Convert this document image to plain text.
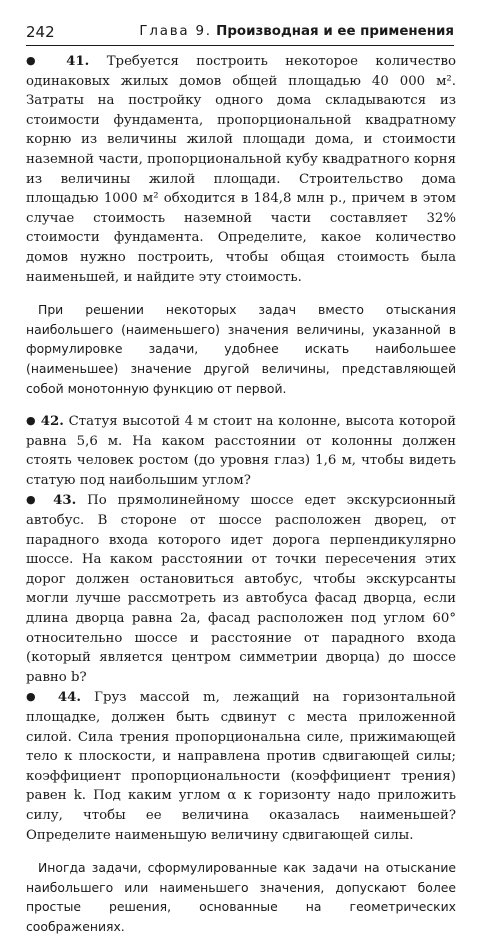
242	Глава 9. Производная и ее применения

● 41. Требуется построить некоторое количество одинаковых жилых домов общей площадью 40 000 м². Затраты на постройку одного дома складываются из стоимости фундамента, пропорциональной квадратному корню из величины жилой площади дома, и стоимости наземной части, пропорциональной кубу квадратного корня из величины жилой площади. Строительство дома площадью 1000 м² обходится в 184,8 млн р., причем в этом случае стоимость наземной части составляет 32% стоимости фундамента. Определите, какое количество домов нужно построить, чтобы общая стоимость была наименьшей, и найдите эту стоимость.

При решении некоторых задач вместо отыскания наибольшего (наименьшего) значения величины, указанной в формулировке задачи, удобнее искать наибольшее (наименьшее) значение другой величины, представляющей собой монотонную функцию от первой.

● 42. Статуя высотой 4 м стоит на колонне, высота которой равна 5,6 м. На каком расстоянии от колонны должен стоять человек ростом (до уровня глаз) 1,6 м, чтобы видеть статую под наибольшим углом?

● 43. По прямолинейному шоссе едет экскурсионный автобус. В стороне от шоссе расположен дворец, от парадного входа которого идет дорога перпендикулярно шоссе. На каком расстоянии от точки пересечения этих дорог должен остановиться автобус, чтобы экскурсанты могли лучше рассмотреть из автобуса фасад дворца, если длина дворца равна 2a, фасад расположен под углом 60° относительно шоссе и расстояние от парадного входа (который является центром симметрии дворца) до шоссе равно b?

● 44. Груз массой m, лежащий на горизонтальной площадке, должен быть сдвинут с места приложенной силой. Сила трения пропорциональна силе, прижимающей тело к плоскости, и направлена против сдвигающей силы; коэффициент пропорциональности (коэффициент трения) равен k. Под каким углом α к горизонту надо приложить силу, чтобы ее величина оказалась наименьшей? Определите наименьшую величину сдвигающей силы.

Иногда задачи, сформулированные как задачи на отыскание наибольшего или наименьшего значения, допускают более простые решения, основанные на геометрических соображениях.
